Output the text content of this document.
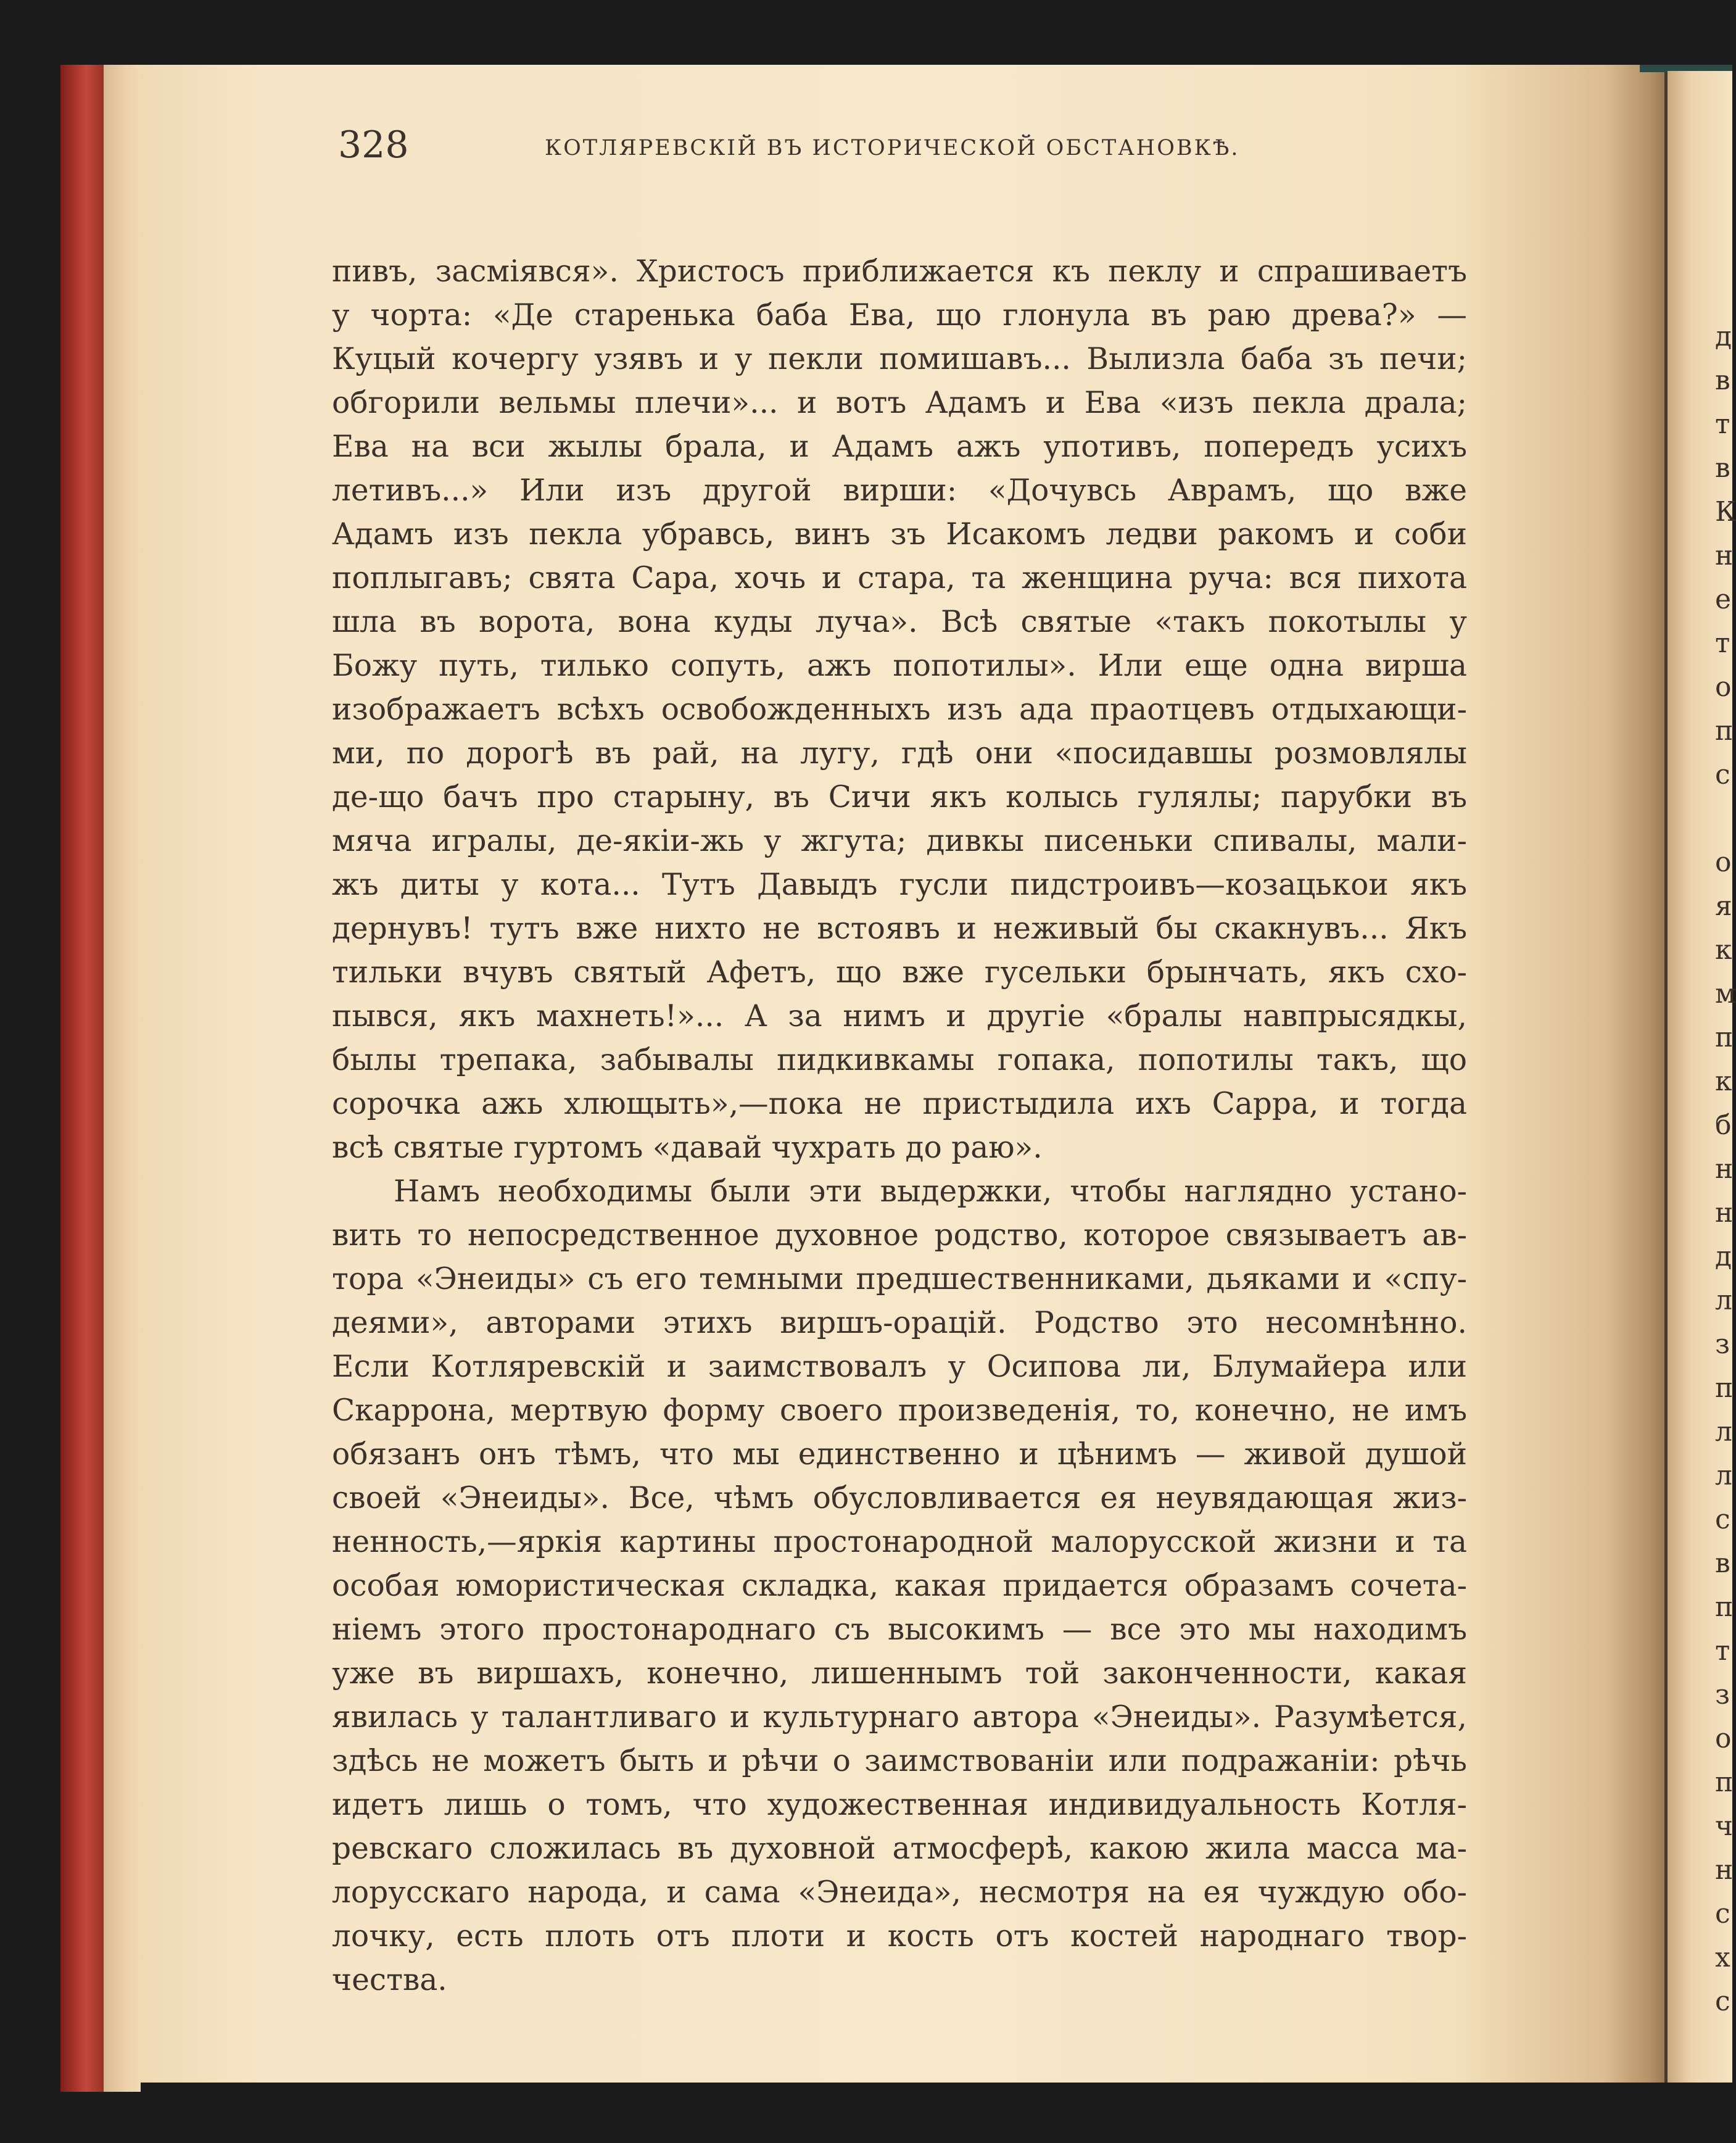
328	КОТЛЯРЕВСКІЙ ВЪ ИСТОРИЧЕСКОЙ ОБСТАНОВКѢ.
пивъ, засміявся». Христосъ приближается къ пеклу и спрашиваетъ
у чорта: «Де старенька баба Ева, що глонула въ раю древа?» —
Куцый кочергу узявъ и у пекли помишавъ... Вылизла баба зъ печи;
обгорили вельмы плечи»... и вотъ Адамъ и Ева «изъ пекла драла;
Ева на вси жылы брала, и Адамъ ажъ употивъ, попередъ усихъ
летивъ...» Или изъ другой вирши: «Дочувсь Аврамъ, що вже
Адамъ изъ пекла убравсь, винъ зъ Исакомъ ледви ракомъ и соби
поплыгавъ; свята Сара, хочь и стара, та женщина руча: вся пихота
шла въ ворота, вона куды луча». Всѣ святые «такъ покотылы у
Божу путь, тилько сопуть, ажъ попотилы». Или еще одна вирша
изображаетъ всѣхъ освобожденныхъ изъ ада праотцевъ отдыхающи-
ми, по дорогѣ въ рай, на лугу, гдѣ они «посидавшы розмовлялы
де-що бачъ про старыну, въ Сичи якъ колысь гулялы; парубки въ
мяча игралы, де-якіи-жь у жгута; дивкы писеньки спивалы, мали-
жъ диты у кота... Тутъ Давыдъ гусли пидстроивъ—козацькои якъ
дернувъ! тутъ вже нихто не встоявъ и неживый бы скакнувъ... Якъ
тильки вчувъ святый Афетъ, що вже гусельки брынчать, якъ схо-
пывся, якъ махнеть!»... А за нимъ и другіе «бралы навпрысядкы,
былы трепака, забывалы пидкивкамы гопака, попотилы такъ, що
сорочка ажь хлющыть»,—пока не пристыдила ихъ Сарра, и тогда
всѣ святые гуртомъ «давай чухрать до раю».
Намъ необходимы были эти выдержки, чтобы наглядно устано-
вить то непосредственное духовное родство, которое связываетъ ав-
тора «Энеиды» съ его темными предшественниками, дьяками и «спу-
деями», авторами этихъ виршъ-орацій. Родство это несомнѣнно.
Если Котляревскій и заимствовалъ у Осипова ли, Блумайера или
Скаррона, мертвую форму своего произведенія, то, конечно, не имъ
обязанъ онъ тѣмъ, что мы единственно и цѣнимъ — живой душой
своей «Энеиды». Все, чѣмъ обусловливается ея неувядающая жиз-
ненность,—яркія картины простонародной малорусской жизни и та
особая юмористическая складка, какая придается образамъ сочета-
ніемъ этого простонароднаго съ высокимъ — все это мы находимъ
уже въ виршахъ, конечно, лишеннымъ той законченности, какая
явилась у талантливаго и культурнаго автора «Энеиды». Разумѣется,
здѣсь не можетъ быть и рѣчи о заимствованіи или подражаніи: рѣчь
идетъ лишь о томъ, что художественная индивидуальность Котля-
ревскаго сложилась въ духовной атмосферѣ, какою жила масса ма-
лорусскаго народа, и сама «Энеида», несмотря на ея чуждую обо-
лочку, есть плоть отъ плоти и кость отъ костей народнаго твор-
чества.
д
в
т
в
К
н
е
т
о
п
с
о
я
к
м
п
к
б
н
н
д
л
з
п
л
л
с
в
п
т
з
о
п
ч
н
с
х
с
